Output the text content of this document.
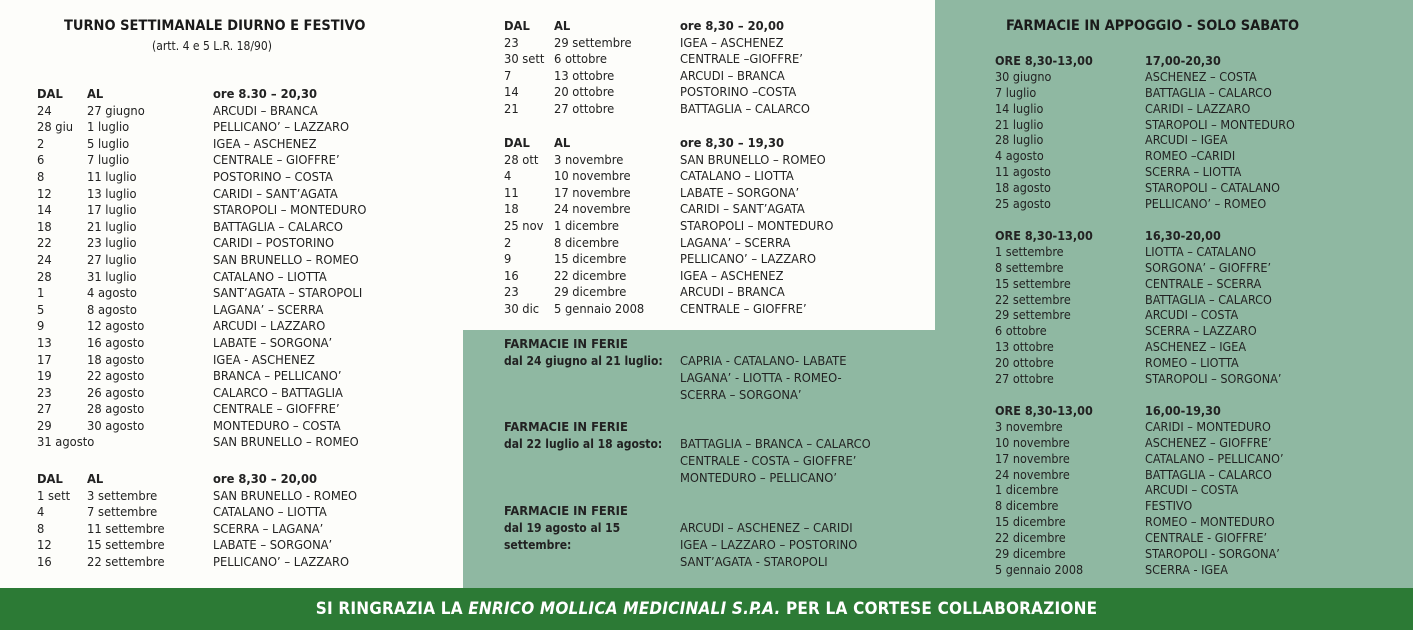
TURNO SETTIMANALE DIURNO E FESTIVO
(artt. 4 e 5 L.R. 18/90)
DAL	AL	ore 8.30 – 20,30
24	27 giugno	ARCUDI – BRANCA
28 giu	1 luglio	PELLICANO’ – LAZZARO
2	5 luglio	IGEA – ASCHENEZ
6	7 luglio	CENTRALE – GIOFFRE’
8	11 luglio	POSTORINO – COSTA
12	13 luglio	CARIDI – SANT’AGATA
14	17 luglio	STAROPOLI – MONTEDURO
18	21 luglio	BATTAGLIA – CALARCO
22	23 luglio	CARIDI – POSTORINO
24	27 luglio	SAN BRUNELLO – ROMEO
28	31 luglio	CATALANO – LIOTTA
1	4 agosto	SANT’AGATA – STAROPOLI
5	8 agosto	LAGANA’ – SCERRA
9	12 agosto	ARCUDI – LAZZARO
13	16 agosto	LABATE – SORGONA’
17	18 agosto	IGEA - ASCHENEZ
19	22 agosto	BRANCA – PELLICANO’
23	26 agosto	CALARCO – BATTAGLIA
27	28 agosto	CENTRALE – GIOFFRE’
29	30 agosto	MONTEDURO – COSTA
31 agosto	SAN BRUNELLO – ROMEO
DAL	AL	ore 8,30 – 20,00
1 sett	3 settembre	SAN BRUNELLO - ROMEO
4	7 settembre	CATALANO – LIOTTA
8	11 settembre	SCERRA – LAGANA’
12	15 settembre	LABATE – SORGONA’
16	22 settembre	PELLICANO’ – LAZZARO
DAL	AL	ore 8,30 – 20,00
23	29 settembre	IGEA – ASCHENEZ
30 sett 6 ottobre	CENTRALE –GIOFFRE’
7	13 ottobre	ARCUDI – BRANCA
14	20 ottobre	POSTORINO –COSTA
21	27 ottobre	BATTAGLIA – CALARCO
DAL	AL	ore 8,30 – 19,30
28 ott	3 novembre	SAN BRUNELLO – ROMEO
4	10 novembre	CATALANO – LIOTTA
11	17 novembre	LABATE – SORGONA’
18	24 novembre	CARIDI – SANT’AGATA
25 nov 1 dicembre	STAROPOLI – MONTEDURO
2	8 dicembre	LAGANA’ – SCERRA
9	15 dicembre	PELLICANO’ – LAZZARO
16	22 dicembre	IGEA – ASCHENEZ
23	29 dicembre	ARCUDI – BRANCA
30 dic	5 gennaio 2008	CENTRALE – GIOFFRE’
FARMACIE IN FERIE
dal 24 giugno al 21 luglio: CAPRIA - CATALANO- LABATE
LAGANA’ - LIOTTA - ROMEO-
SCERRA – SORGONA’
FARMACIE IN FERIE
dal 22 luglio al 18 agosto: BATTAGLIA – BRANCA – CALARCO
CENTRALE - COSTA – GIOFFRE’
MONTEDURO – PELLICANO’
FARMACIE IN FERIE
dal 19 agosto al 15 settembre:
ARCUDI – ASCHENEZ – CARIDI
IGEA – LAZZARO – POSTORINO
SANT’AGATA - STAROPOLI
FARMACIE IN APPOGGIO - SOLO SABATO
ORE 8,30-13,00	17,00-20,30
30 giugno	ASCHENEZ – COSTA
7 luglio	BATTAGLIA – CALARCO
14 luglio	CARIDI – LAZZARO
21 luglio	STAROPOLI – MONTEDURO
28 luglio	ARCUDI – IGEA
4 agosto	ROMEO –CARIDI
11 agosto	SCERRA – LIOTTA
18 agosto	STAROPOLI – CATALANO
25 agosto	PELLICANO’ – ROMEO
ORE 8,30-13,00	16,30-20,00
1 settembre	LIOTTA – CATALANO
8 settembre	SORGONA’ – GIOFFRE’
15 settembre	CENTRALE – SCERRA
22 settembre	BATTAGLIA – CALARCO
29 settembre	ARCUDI – COSTA
6 ottobre	SCERRA – LAZZARO
13 ottobre	ASCHENEZ – IGEA
20 ottobre	ROMEO – LIOTTA
27 ottobre	STAROPOLI – SORGONA’
ORE 8,30-13,00	16,00-19,30
3 novembre	CARIDI – MONTEDURO
10 novembre	ASCHENEZ – GIOFFRE’
17 novembre	CATALANO – PELLICANO’
24 novembre	BATTAGLIA – CALARCO
1 dicembre	ARCUDI – COSTA
8 dicembre	FESTIVO
15 dicembre	ROMEO – MONTEDURO
22 dicembre	CENTRALE - GIOFFRE’
29 dicembre	STAROPOLI - SORGONA’
5 gennaio 2008	SCERRA - IGEA
SI RINGRAZIA LA ENRICO MOLLICA MEDICINALI S.P.A. PER LA CORTESE COLLABORAZIONE
